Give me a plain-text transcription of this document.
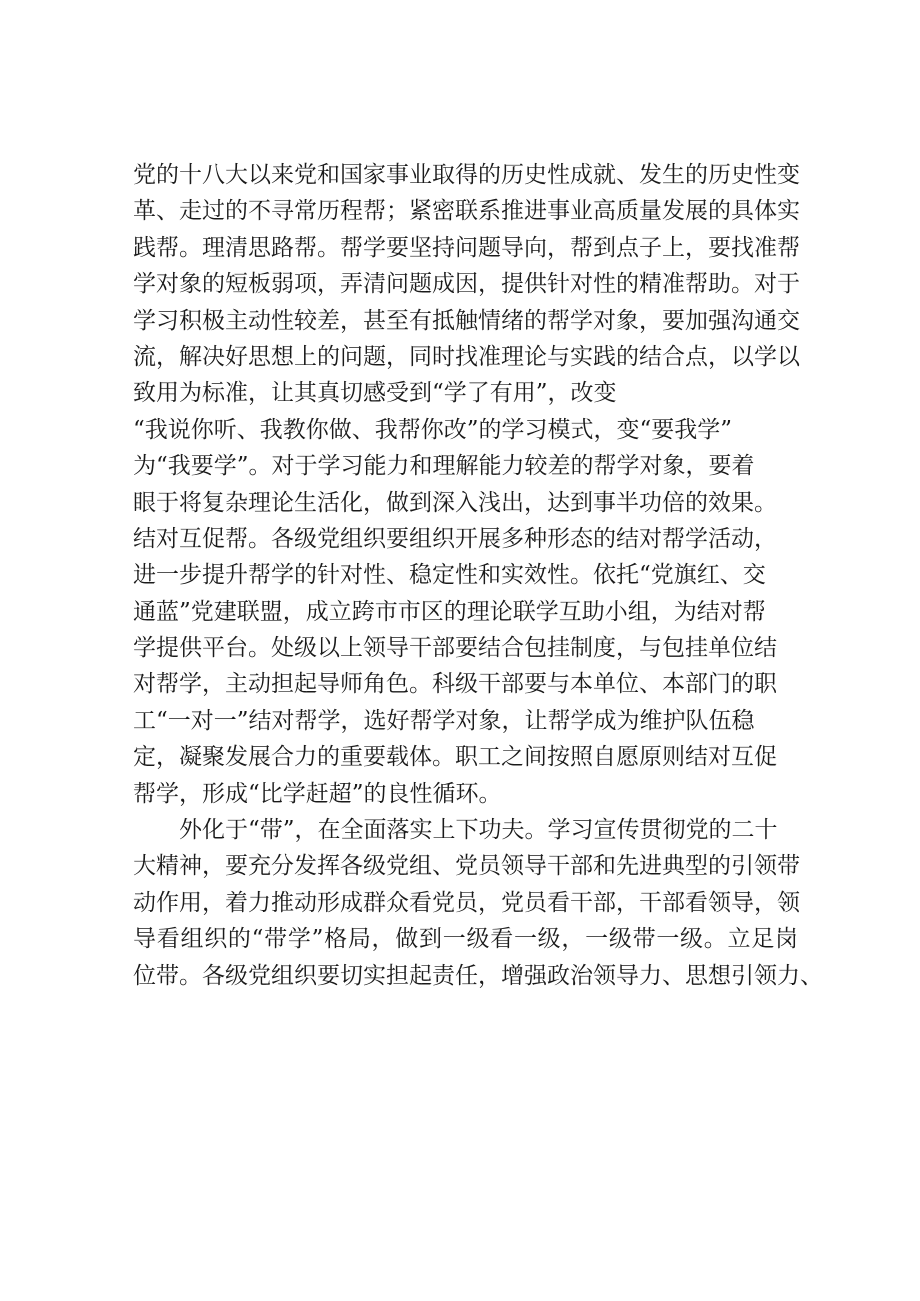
党的十八大以来党和国家事业取得的历史性成就、发生的历史性变
革、走过的不寻常历程帮；紧密联系推进事业高质量发展的具体实
践帮。理清思路帮。帮学要坚持问题导向，帮到点子上，要找准帮
学对象的短板弱项，弄清问题成因，提供针对性的精准帮助。对于
学习积极主动性较差，甚至有抵触情绪的帮学对象，要加强沟通交
流，解决好思想上的问题，同时找准理论与实践的结合点，以学以
致用为标准，让其真切感受到“学了有用”，改变
“我说你听、我教你做、我帮你改”的学习模式，变“要我学”
为“我要学”。对于学习能力和理解能力较差的帮学对象，要着
眼于将复杂理论生活化，做到深入浅出，达到事半功倍的效果。
结对互促帮。各级党组织要组织开展多种形态的结对帮学活动，
进一步提升帮学的针对性、稳定性和实效性。依托“党旗红、交
通蓝”党建联盟，成立跨市市区的理论联学互助小组，为结对帮
学提供平台。处级以上领导干部要结合包挂制度，与包挂单位结
对帮学，主动担起导师角色。科级干部要与本单位、本部门的职
工“一对一”结对帮学，选好帮学对象，让帮学成为维护队伍稳
定，凝聚发展合力的重要载体。职工之间按照自愿原则结对互促
帮学，形成“比学赶超”的良性循环。
外化于“带”，在全面落实上下功夫。学习宣传贯彻党的二十
大精神，要充分发挥各级党组、党员领导干部和先进典型的引领带
动作用，着力推动形成群众看党员，党员看干部，干部看领导，领
导看组织的“带学”格局，做到一级看一级，一级带一级。立足岗
位带。各级党组织要切实担起责任，增强政治领导力、思想引领力、
